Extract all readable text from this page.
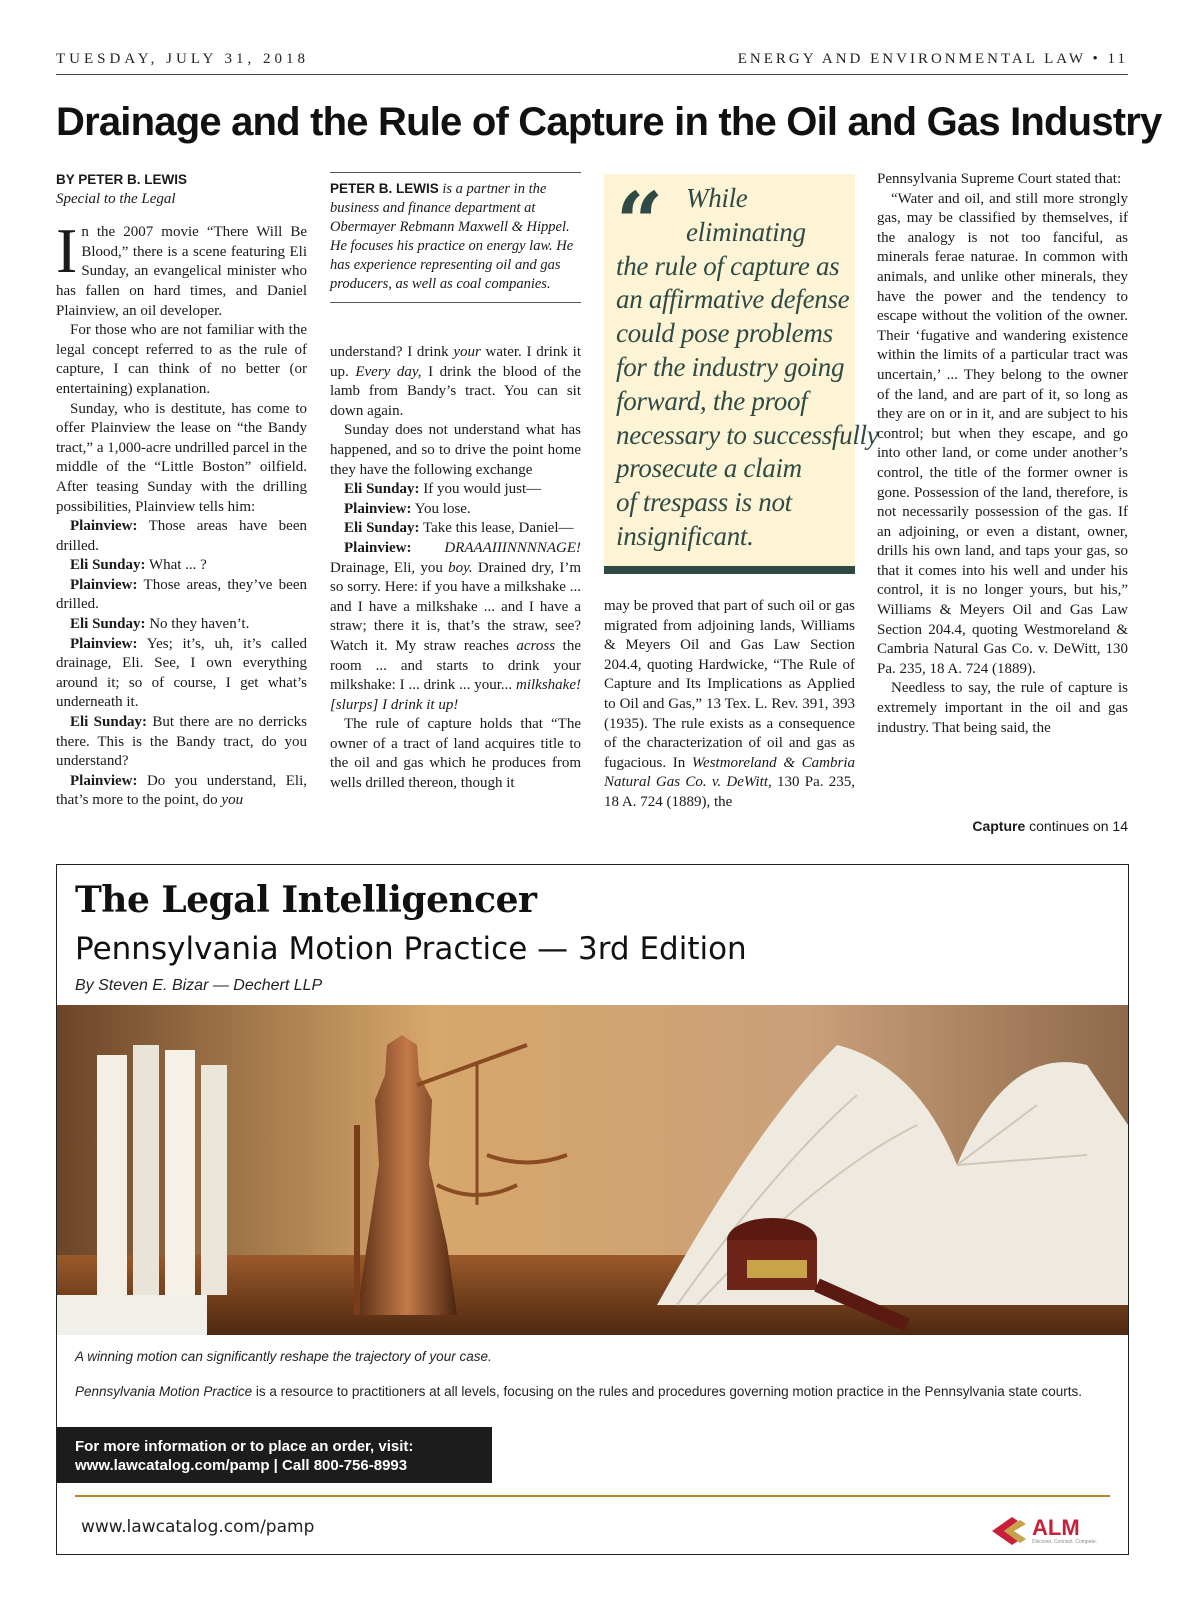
TUESDAY, JULY 31, 2018	ENERGY AND ENVIRONMENTAL LAW • 11
Drainage and the Rule of Capture in the Oil and Gas Industry

BY PETER B. LEWIS

Special to the Legal

In the 2007 movie “There Will Be Blood,” there is a scene featuring Eli Sunday, an evangelical minister who has fallen on hard times, and Daniel Plainview, an oil developer.

For those who are not familiar with the legal concept referred to as the rule of capture, I can think of no better (or entertaining) explanation.

Sunday, who is destitute, has come to offer Plainview the lease on “the Bandy tract,” a 1,000-acre undrilled parcel in the middle of the “Little Boston” oilfield. After teasing Sunday with the drilling possibilities, Plainview tells him:

Plainview: Those areas have been drilled.

Eli Sunday: What ... ?

Plainview: Those areas, they’ve been drilled.

Eli Sunday: No they haven’t.

Plainview: Yes; it’s, uh, it’s called drainage, Eli. See, I own everything around it; so of course, I get what’s underneath it.

Eli Sunday: But there are no derricks there. This is the Bandy tract, do you understand?

Plainview: Do you understand, Eli, that’s more to the point, do you

PETER B. LEWIS is a partner in the business and finance department at Obermayer Rebmann Maxwell & Hippel. He focuses his practice on energy law. He has experience representing oil and gas producers, as well as coal companies.

understand? I drink your water. I drink it up. Every day, I drink the blood of the lamb from Bandy’s tract. You can sit down again.

Sunday does not understand what has happened, and so to drive the point home they have the following exchange

Eli Sunday: If you would just—

Plainview: You lose.

Eli Sunday: Take this lease, Daniel—

Plainview: DRAAAIIINNNNAGE! Drainage, Eli, you boy. Drained dry, I’m so sorry. Here: if you have a milkshake ... and I have a milkshake ... and I have a straw; there it is, that’s the straw, see? Watch it. My straw reaches across the room ... and starts to drink your milkshake: I ... drink ... your... milkshake! [slurps] I drink it up!

The rule of capture holds that “The owner of a tract of land acquires title to the oil and gas which he produces from wells drilled thereon, though it

“ While
eliminating
the rule of capture as
an affirmative defense
could pose problems
for the industry going
forward, the proof
necessary to successfully
prosecute a claim
of trespass is not
insignificant.

may be proved that part of such oil or gas migrated from adjoining lands, Williams & Meyers Oil and Gas Law Section 204.4, quoting Hardwicke, “The Rule of Capture and Its Implications as Applied to Oil and Gas,” 13 Tex. L. Rev. 391, 393 (1935). The rule exists as a consequence of the characterization of oil and gas as fugacious. In Westmoreland & Cambria Natural Gas Co. v. DeWitt, 130 Pa. 235, 18 A. 724 (1889), the

Pennsylvania Supreme Court stated that:

“Water and oil, and still more strongly gas, may be classified by themselves, if the analogy is not too fanciful, as minerals ferae naturae. In common with animals, and unlike other minerals, they have the power and the tendency to escape without the volition of the owner. Their ‘fugative and wandering existence within the limits of a particular tract was uncertain,’ ... They belong to the owner of the land, and are part of it, so long as they are on or in it, and are subject to his control; but when they escape, and go into other land, or come under another’s control, the title of the former owner is gone. Possession of the land, therefore, is not necessarily possession of the gas. If an adjoining, or even a distant, owner, drills his own land, and taps your gas, so that it comes into his well and under his control, it is no longer yours, but his,” Williams & Meyers Oil and Gas Law Section 204.4, quoting Westmoreland & Cambria Natural Gas Co. v. DeWitt, 130 Pa. 235, 18 A. 724 (1889).

Needless to say, the rule of capture is extremely important in the oil and gas industry. That being said, the

Capture continues on 14
The Legal Intelligencer
Pennsylvania Motion Practice — 3rd Edition
By Steven E. Bizar — Dechert LLP
A winning motion can significantly reshape the trajectory of your case.
Pennsylvania Motion Practice is a resource to practitioners at all levels, focusing on the rules and procedures governing motion practice in the Pennsylvania state courts.
For more information or to place an order, visit:
www.lawcatalog.com/pamp | Call 800-756-8993
www.lawcatalog.com/pamp	ALM
Discover. Connect. Compete.
